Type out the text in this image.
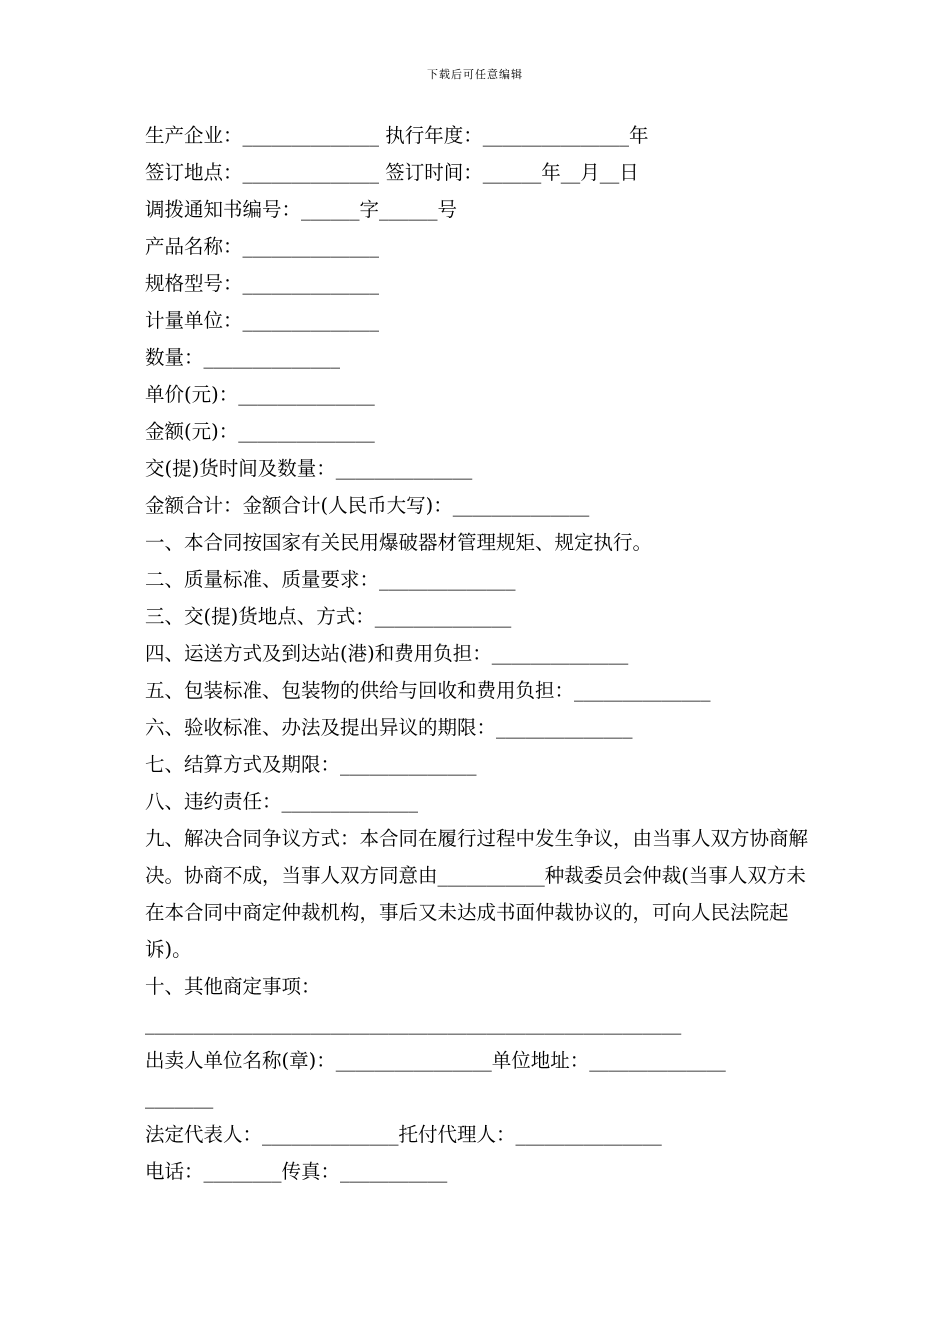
下载后可任意编辑
生产企业：______________ 执行年度：_______________年
签订地点：______________ 签订时间：______年__月__日
调拨通知书编号：______字______号
产品名称：______________
规格型号：______________
计量单位：______________
数量：______________
单价(元)：______________
金额(元)：______________
交(提)货时间及数量：______________
金额合计：金额合计(人民币大写)：______________
一、本合同按国家有关民用爆破器材管理规矩、规定执行。
二、质量标准、质量要求：______________
三、交(提)货地点、方式：______________
四、运送方式及到达站(港)和费用负担：______________
五、包装标准、包装物的供给与回收和费用负担：______________
六、验收标准、办法及提出异议的期限：______________
七、结算方式及期限：______________
八、违约责任：______________
九、解决合同争议方式：本合同在履行过程中发生争议，由当事人双方协商解决。协商不成，当事人双方同意由___________种裁委员会仲裁(当事人双方未在本合同中商定仲裁机构，事后又未达成书面仲裁协议的，可向人民法院起诉)。
十、其他商定事项：
_______________________________________________________
出卖人单位名称(章)：________________单位地址：______________
_______
法定代表人：______________托付代理人：_______________
电话：________传真：___________
